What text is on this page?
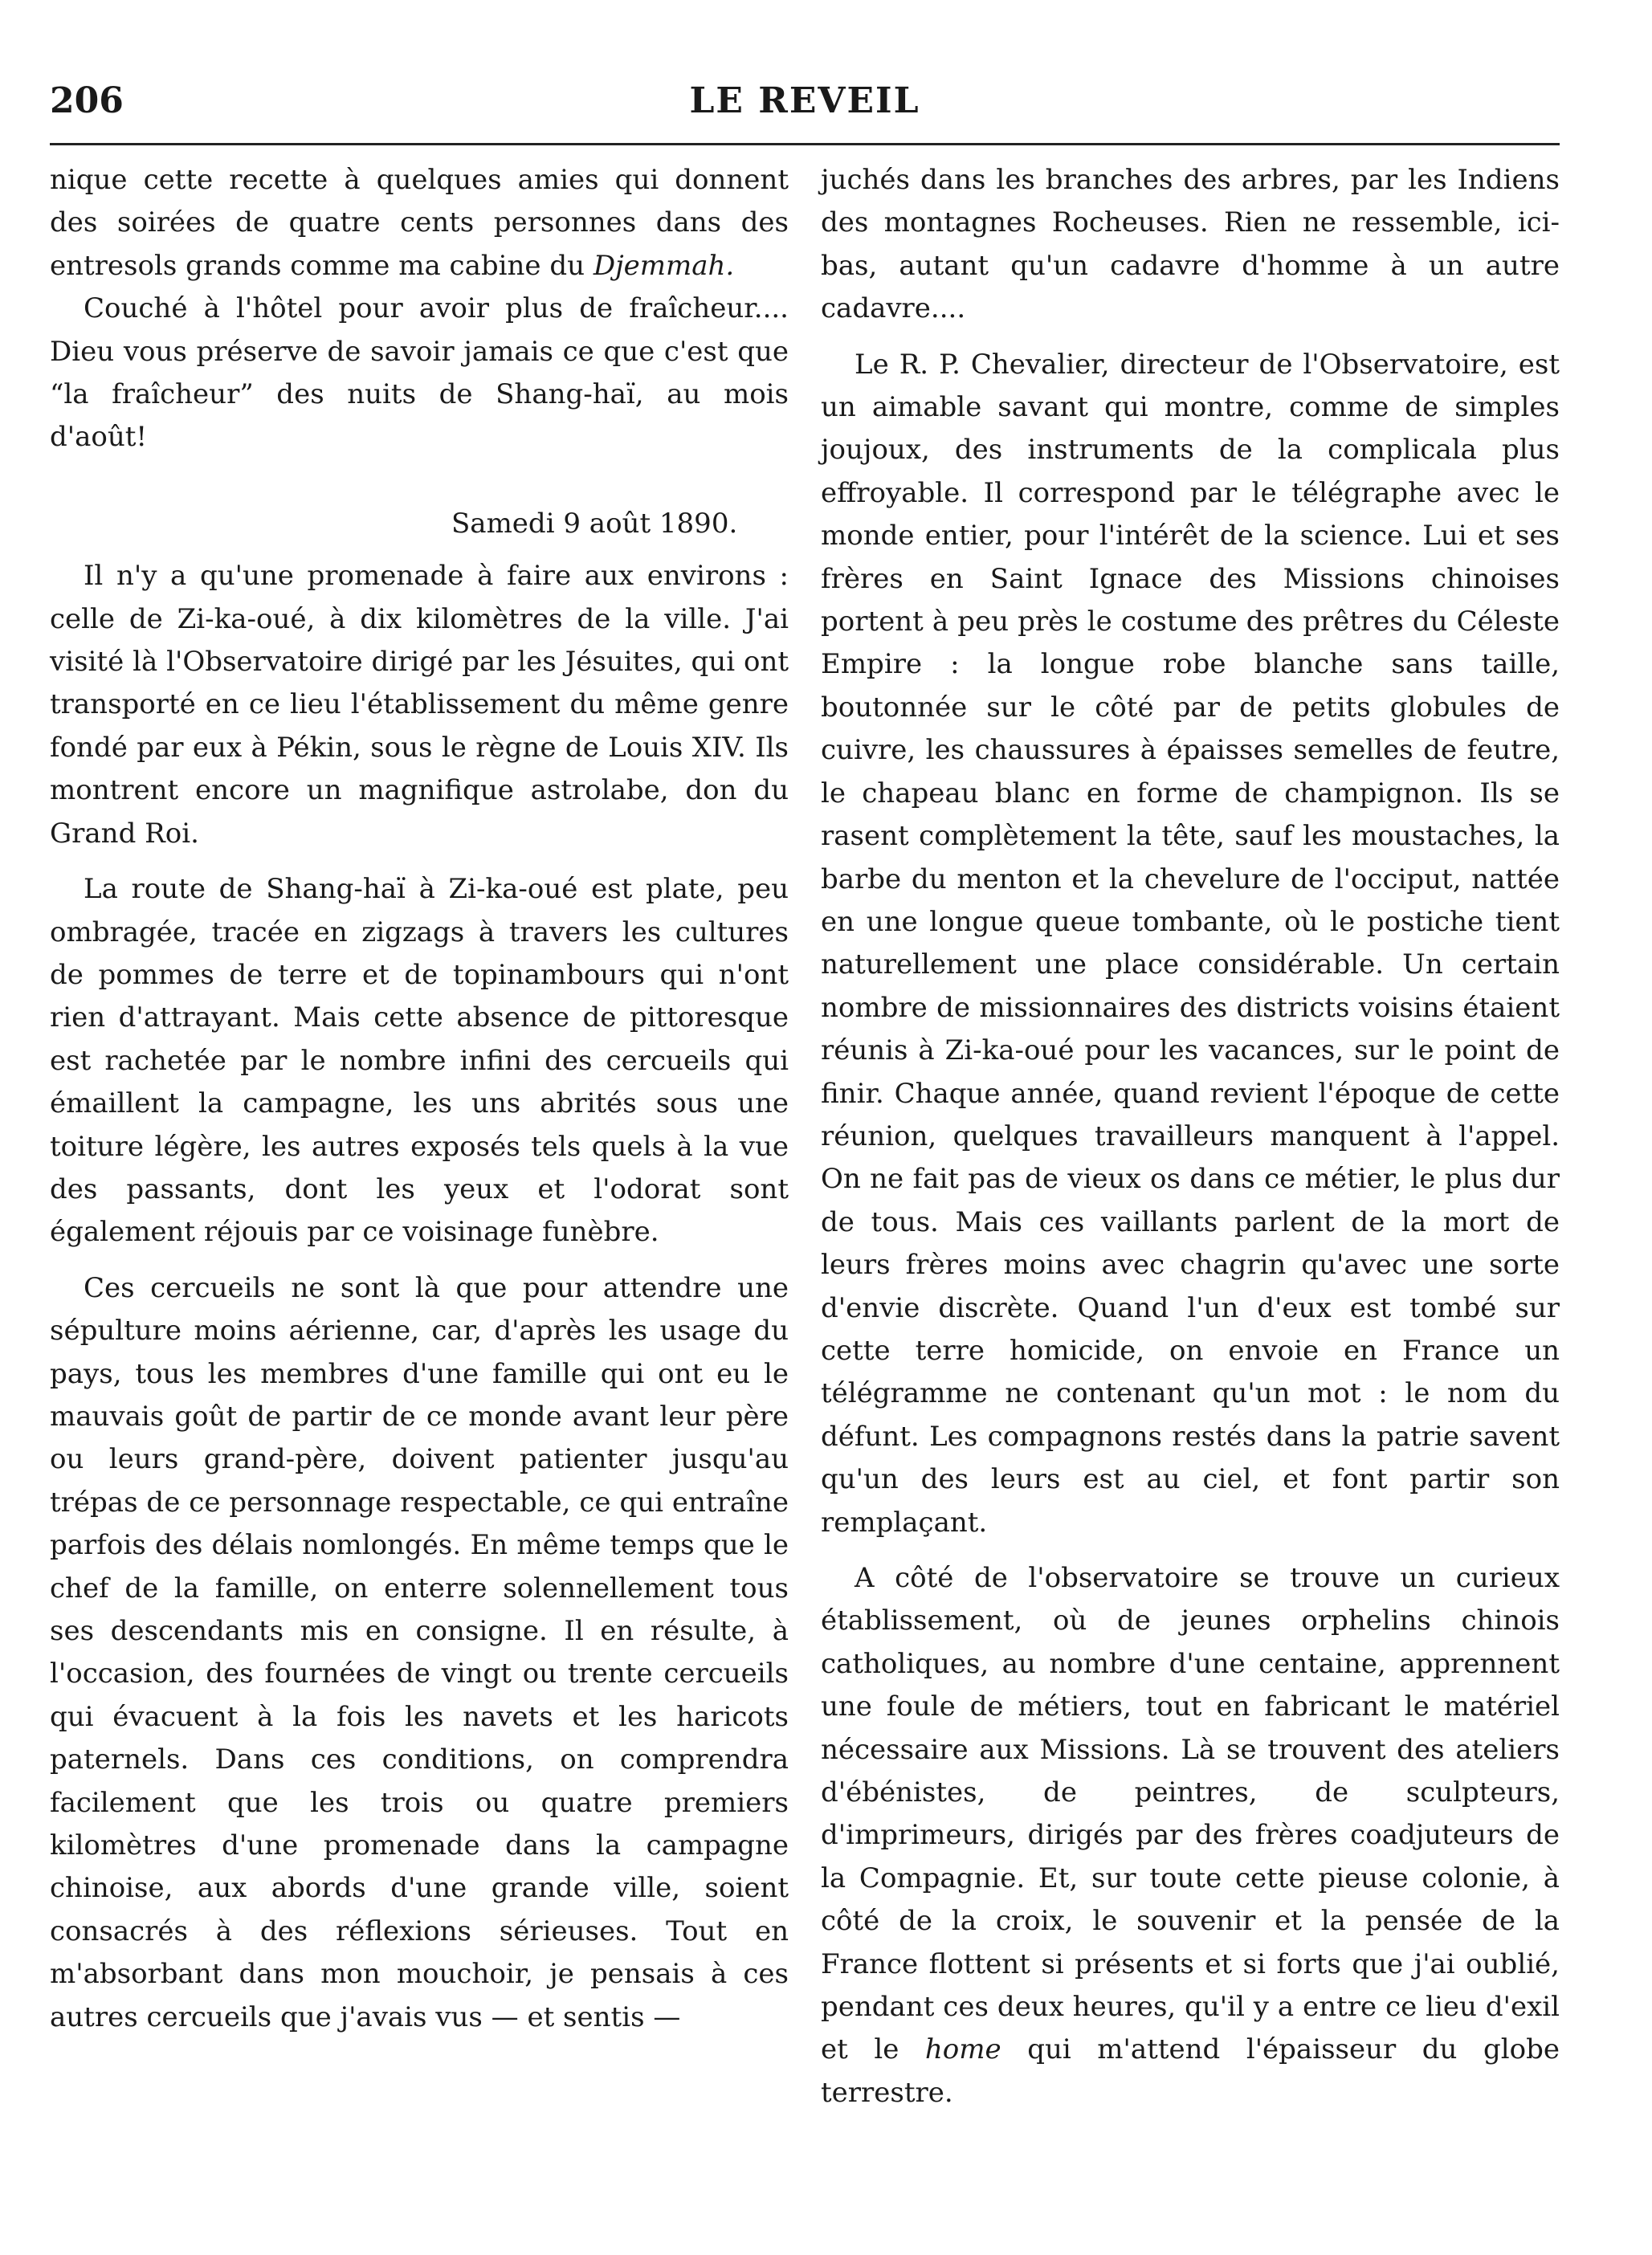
206	LE REVEIL

nique cette recette à quelques amies qui donnent des soirées de quatre cents personnes dans des entresols grands comme ma cabine du Djemmah.

Couché à l'hôtel pour avoir plus de fraîcheur.... Dieu vous préserve de savoir jamais ce que c'est que “la fraîcheur” des nuits de Shang-haï, au mois d'août!

Samedi 9 août 1890.

Il n'y a qu'une promenade à faire aux environs : celle de Zi-ka-oué, à dix kilomètres de la ville. J'ai visité là l'Observatoire dirigé par les Jésuites, qui ont transporté en ce lieu l'établissement du même genre fondé par eux à Pékin, sous le règne de Louis XIV. Ils montrent encore un magnifique astrolabe, don du Grand Roi.

La route de Shang-haï à Zi-ka-oué est plate, peu ombragée, tracée en zigzags à travers les cultures de pommes de terre et de topinambours qui n'ont rien d'attrayant. Mais cette absence de pittoresque est rachetée par le nombre infini des cercueils qui émaillent la campagne, les uns abrités sous une toiture légère, les autres exposés tels quels à la vue des passants, dont les yeux et l'odorat sont également réjouis par ce voisinage funèbre.

Ces cercueils ne sont là que pour attendre une sépulture moins aérienne, car, d'après les usage du pays, tous les membres d'une famille qui ont eu le mauvais goût de partir de ce monde avant leur père ou leurs grand-père, doivent patienter jusqu'au trépas de ce personnage respectable, ce qui entraîne parfois des délais nomlongés. En même temps que le chef de la famille, on enterre solennellement tous ses descendants mis en consigne. Il en résulte, à l'occasion, des fournées de vingt ou trente cercueils qui évacuent à la fois les navets et les haricots paternels. Dans ces conditions, on comprendra facilement que les trois ou quatre premiers kilomètres d'une promenade dans la campagne chinoise, aux abords d'une grande ville, soient consacrés à des réflexions sérieuses. Tout en m'absorbant dans mon mouchoir, je pensais à ces autres cercueils que j'avais vus — et sentis —

juchés dans les branches des arbres, par les Indiens des montagnes Rocheuses. Rien ne ressemble, ici-bas, autant qu'un cadavre d'homme à un autre cadavre....

Le R. P. Chevalier, directeur de l'Observatoire, est un aimable savant qui montre, comme de simples joujoux, des instruments de la complicala plus effroyable. Il correspond par le télégraphe avec le monde entier, pour l'intérêt de la science. Lui et ses frères en Saint Ignace des Missions chinoises portent à peu près le costume des prêtres du Céleste Empire : la longue robe blanche sans taille, boutonnée sur le côté par de petits globules de cuivre, les chaussures à épaisses semelles de feutre, le chapeau blanc en forme de champignon. Ils se rasent complètement la tête, sauf les moustaches, la barbe du menton et la chevelure de l'occiput, nattée en une longue queue tombante, où le postiche tient naturellement une place considérable. Un certain nombre de missionnaires des districts voisins étaient réunis à Zi-ka-oué pour les vacances, sur le point de finir. Chaque année, quand revient l'époque de cette réunion, quelques travailleurs manquent à l'appel. On ne fait pas de vieux os dans ce métier, le plus dur de tous. Mais ces vaillants parlent de la mort de leurs frères moins avec chagrin qu'avec une sorte d'envie discrète. Quand l'un d'eux est tombé sur cette terre homicide, on envoie en France un télégramme ne contenant qu'un mot : le nom du défunt. Les compagnons restés dans la patrie savent qu'un des leurs est au ciel, et font partir son remplaçant.

A côté de l'observatoire se trouve un curieux établissement, où de jeunes orphelins chinois catholiques, au nombre d'une centaine, apprennent une foule de métiers, tout en fabricant le matériel nécessaire aux Missions. Là se trouvent des ateliers d'ébénistes, de peintres, de sculpteurs, d'imprimeurs, dirigés par des frères coadjuteurs de la Compagnie. Et, sur toute cette pieuse colonie, à côté de la croix, le souvenir et la pensée de la France flottent si présents et si forts que j'ai oublié, pendant ces deux heures, qu'il y a entre ce lieu d'exil et le home qui m'attend l'épaisseur du globe terrestre.
